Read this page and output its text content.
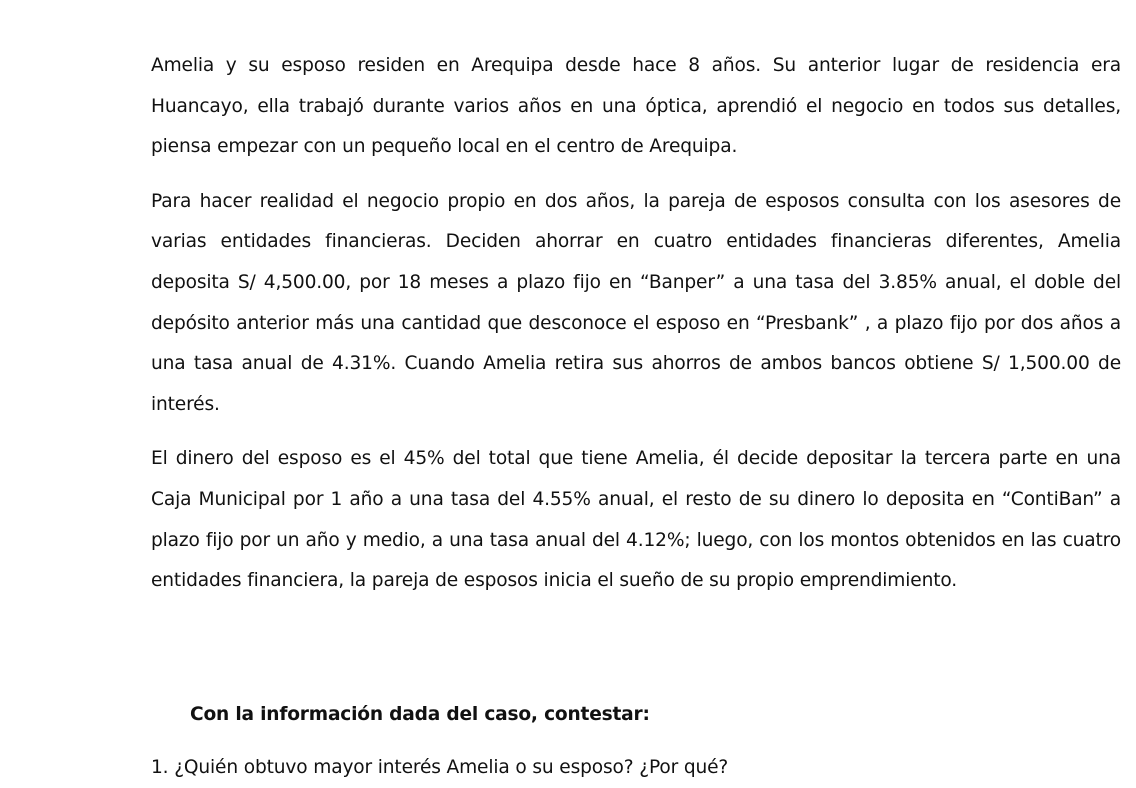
Amelia y su esposo residen en Arequipa desde hace 8 años. Su anterior lugar de residencia era Huancayo, ella trabajó durante varios años en una óptica, aprendió el negocio en todos sus detalles, piensa empezar con un pequeño local en el centro de Arequipa.

Para hacer realidad el negocio propio en dos años, la pareja de esposos consulta con los asesores de varias entidades financieras. Deciden ahorrar en cuatro entidades financieras diferentes, Amelia deposita S/ 4,500.00, por 18 meses a plazo fijo en “Banper” a una tasa del 3.85% anual, el doble del depósito anterior más una cantidad que desconoce el esposo en “Presbank” , a plazo fijo por dos años a una tasa anual de 4.31%. Cuando Amelia retira sus ahorros de ambos bancos obtiene S/ 1,500.00 de interés.

El dinero del esposo es el 45% del total que tiene Amelia, él decide depositar la tercera parte en una Caja Municipal por 1 año a una tasa del 4.55% anual, el resto de su dinero lo deposita en “ContiBan” a plazo fijo por un año y medio, a una tasa anual del 4.12%; luego, con los montos obtenidos en las cuatro entidades financiera, la pareja de esposos inicia el sueño de su propio emprendimiento.

Con la información dada del caso, contestar:

1. ¿Quién obtuvo mayor interés Amelia o su esposo? ¿Por qué?
